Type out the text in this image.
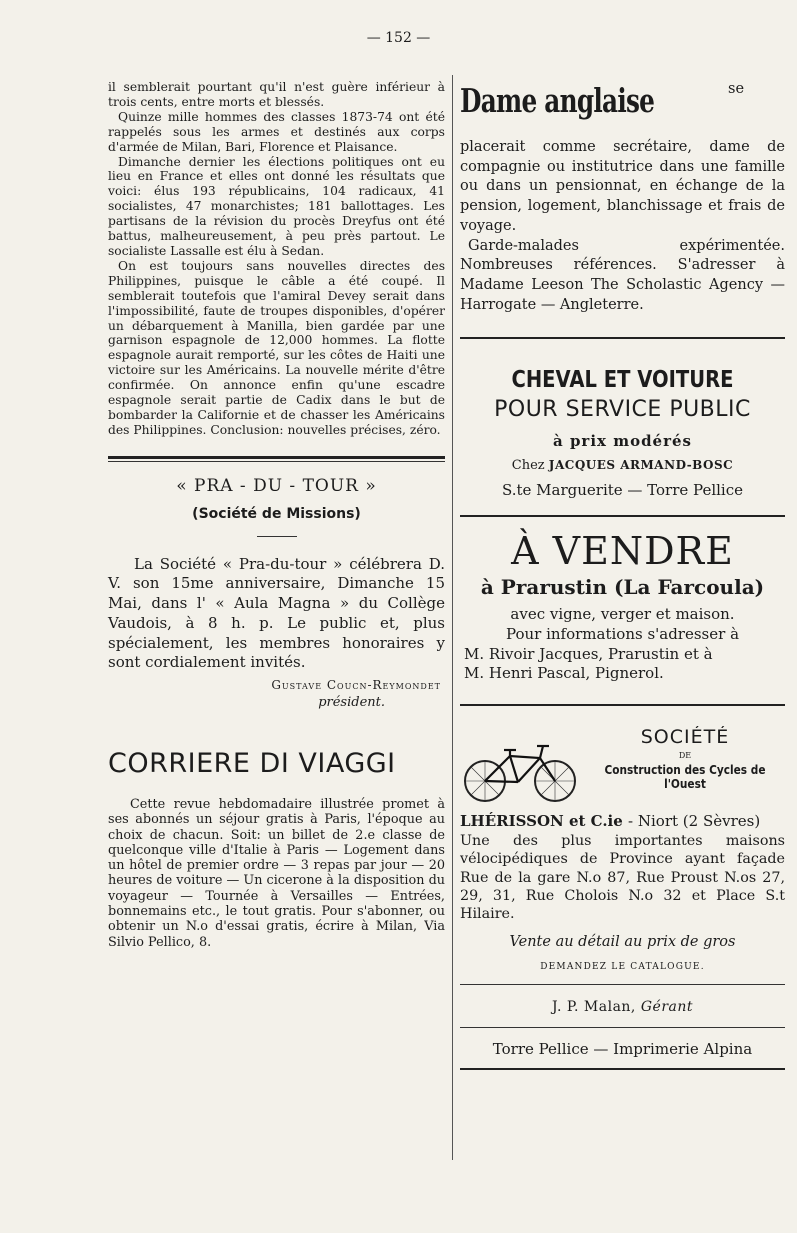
— 152 —

il semblerait pourtant qu'il n'est guère inférieur à trois cents, entre morts et blessés.

Quinze mille hommes des classes 1873-74 ont été rappelés sous les armes et destinés aux corps d'armée de Milan, Bari, Florence et Plaisance.

Dimanche dernier les élections politiques ont eu lieu en France et elles ont donné les résultats que voici: élus 193 républicains, 104 radicaux, 41 socialistes, 47 monarchistes; 181 ballottages. Les partisans de la révision du procès Dreyfus ont été battus, malheureusement, à peu près partout. Le socialiste Lassalle est élu à Sedan.

On est toujours sans nouvelles directes des Philippines, puisque le câble a été coupé. Il semblerait toutefois que l'amiral Devey serait dans l'impossibilité, faute de troupes disponibles, d'opérer un débarquement à Manilla, bien gardée par une garnison espagnole de 12,000 hommes. La flotte espagnole aurait remporté, sur les côtes de Haiti une victoire sur les Américains. La nouvelle mérite d'être confirmée. On annonce enfin qu'une escadre espagnole serait partie de Cadix dans le but de bombarder la Californie et de chasser les Américains des Philippines. Conclusion: nouvelles précises, zéro.

« PRA - DU - TOUR »
(Société de Missions)

La Société « Pra-du-tour » célébrera D. V. son 15me anniversaire, Dimanche 15 Mai, dans l' « Aula Magna » du Collège Vaudois, à 8 h. p. Le public et, plus spécialement, les membres honoraires y sont cordialement invités.

Gustave Coucn-Reymondet
président.
CORRIERE DI VIAGGI

Cette revue hebdomadaire illustrée promet à ses abonnés un séjour gratis à Paris, l'époque au choix de chacun. Soit: un billet de 2.e classe de quelconque ville d'Italie à Paris — Logement dans un hôtel de premier ordre — 3 repas par jour — 20 heures de voiture — Un cicerone à la disposition du voyageur — Tournée à Versailles — Entrées, bonnemains etc., le tout gratis. Pour s'abonner, ou obtenir un N.o d'essai gratis, écrire à Milan, Via Silvio Pellico, 8.

Dame anglaise	se placerait comme secrétaire, dame de compagnie ou institutrice dans une famille ou dans un pensionnat, en échange de la pension, logement, blanchissage et frais de voyage.

Garde-malades expérimentée. Nombreuses références. S'adresser à Madame Leeson The Scholastic Agency — Harrogate — Angleterre.

CHEVAL ET VOITURE
POUR SERVICE PUBLIC
à prix modérés
Chez JACQUES ARMAND-BOSC
S.te Marguerite — Torre Pellice
À VENDRE
à Prarustin (La Farcoula)
avec vigne, verger et maison.
Pour informations s'adresser à
M. Rivoir Jacques, Prarustin et à
M. Henri Pascal, Pignerol.
SOCIÉTÉ
DE
Construction des Cycles de l'Ouest
LHÉRISSON et C.ie - Niort (2 Sèvres)
Une des plus importantes maisons vélocipédiques de Province ayant façade Rue de la gare N.o 87, Rue Proust N.os 27, 29, 31, Rue Cholois N.o 32 et Place S.t Hilaire.
Vente au détail au prix de gros
DEMANDEZ LE CATALOGUE.
J. P. Malan, Gérant
Torre Pellice — Imprimerie Alpina
